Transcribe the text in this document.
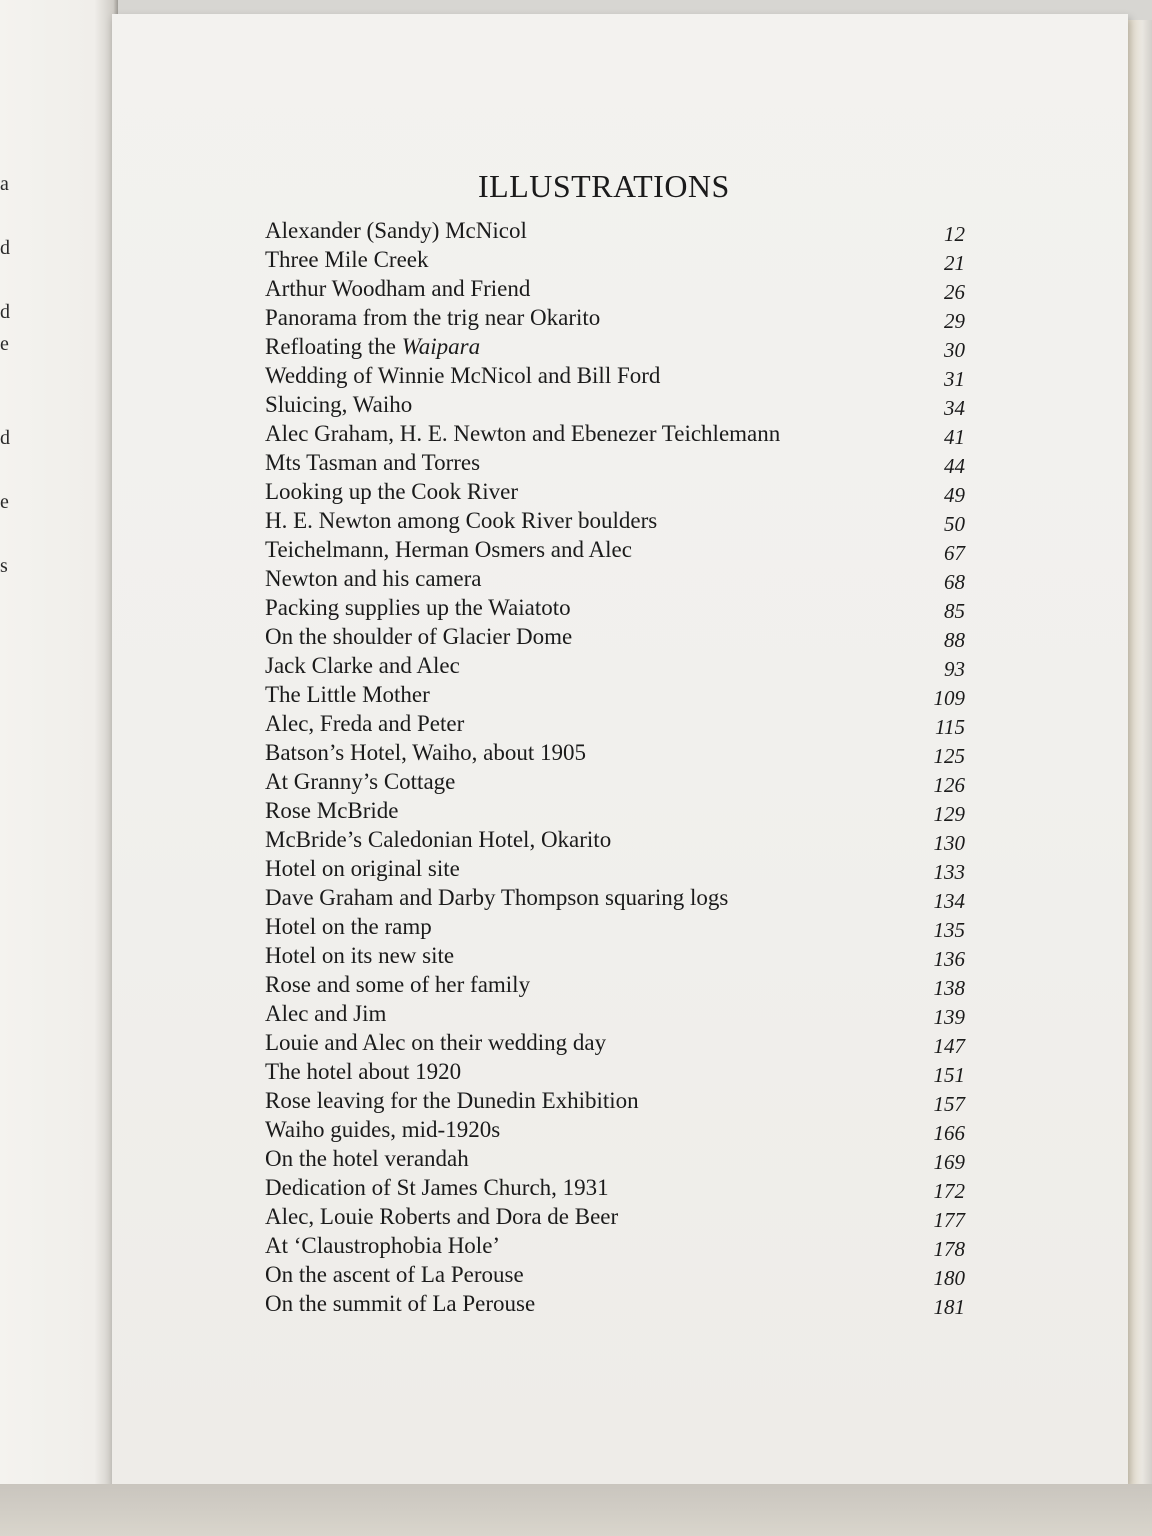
a
d
d
e
d
e
s
ILLUSTRATIONS
Alexander (Sandy) McNicol	12
Three Mile Creek	21
Arthur Woodham and Friend	26
Panorama from the trig near Okarito	29
Refloating the Waipara	30
Wedding of Winnie McNicol and Bill Ford	31
Sluicing, Waiho	34
Alec Graham, H. E. Newton and Ebenezer Teichlemann	41
Mts Tasman and Torres	44
Looking up the Cook River	49
H. E. Newton among Cook River boulders	50
Teichelmann, Herman Osmers and Alec	67
Newton and his camera	68
Packing supplies up the Waiatoto	85
On the shoulder of Glacier Dome	88
Jack Clarke and Alec	93
The Little Mother	109
Alec, Freda and Peter	115
Batson’s Hotel, Waiho, about 1905	125
At Granny’s Cottage	126
Rose McBride	129
McBride’s Caledonian Hotel, Okarito	130
Hotel on original site	133
Dave Graham and Darby Thompson squaring logs	134
Hotel on the ramp	135
Hotel on its new site	136
Rose and some of her family	138
Alec and Jim	139
Louie and Alec on their wedding day	147
The hotel about 1920	151
Rose leaving for the Dunedin Exhibition	157
Waiho guides, mid-1920s	166
On the hotel verandah	169
Dedication of St James Church, 1931	172
Alec, Louie Roberts and Dora de Beer	177
At ‘Claustrophobia Hole’	178
On the ascent of La Perouse	180
On the summit of La Perouse	181
